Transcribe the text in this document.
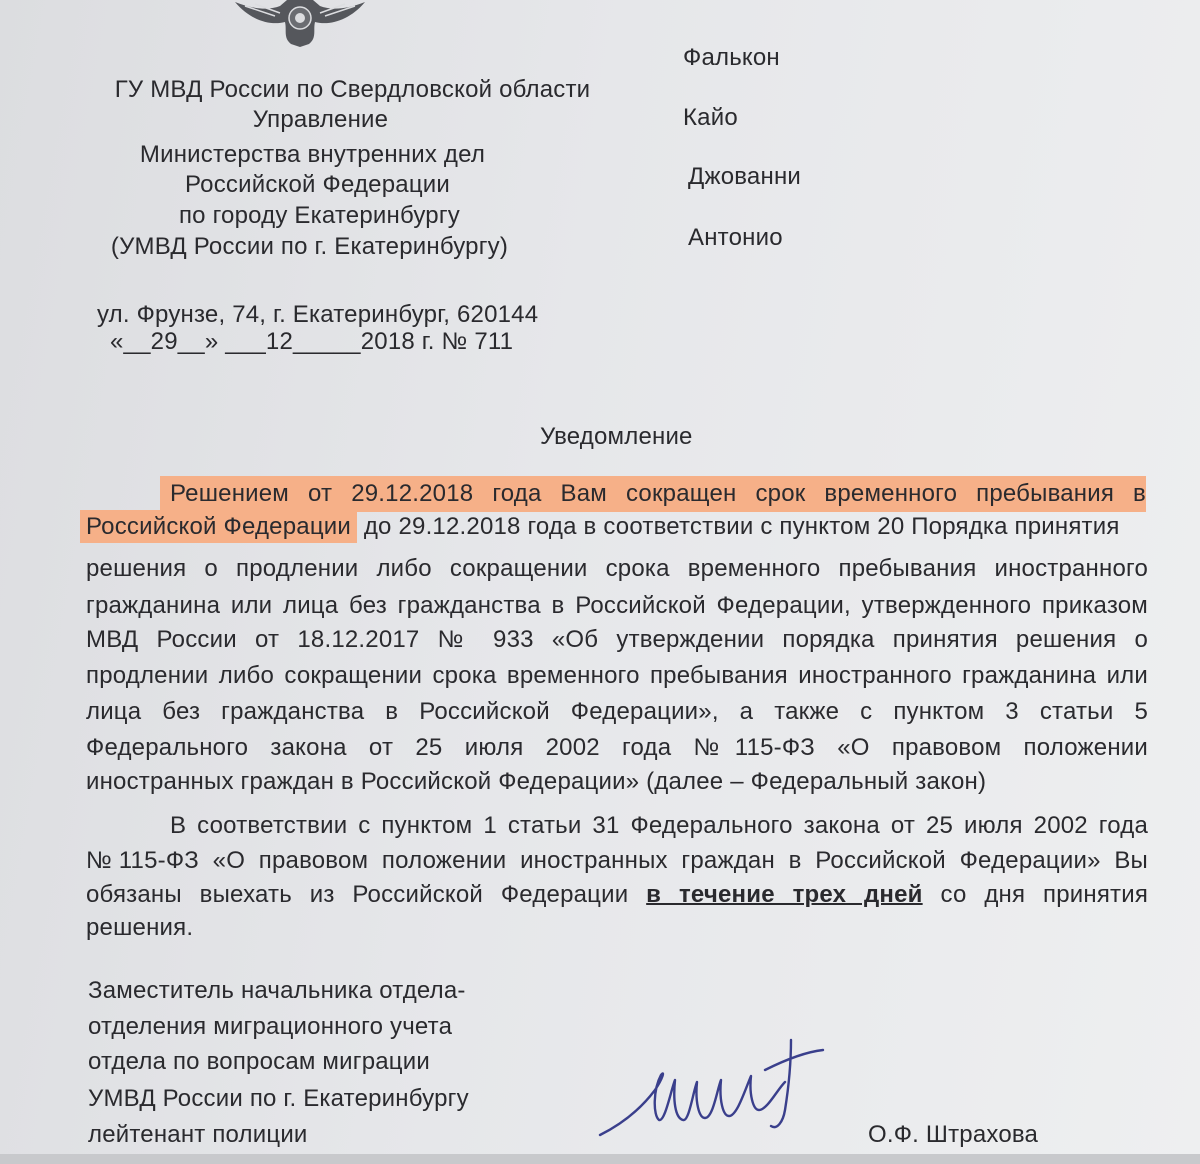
ГУ МВД России по Свердловской области
Управление
Министерства внутренних дел
Российской Федерации
по городу Екатеринбургу
(УМВД России по г. Екатеринбургу)
ул. Фрунзе, 74, г. Екатеринбург, 620144
«__29__» ___12_____2018 г. № 711
Фалькон
Кайо
Джованни
Антонио
Уведомление
Решением от 29.12.2018 года Вам сокращен срок временного пребывания в
Российской Федерации до 29.12.2018 года в соответствии с пунктом 20 Порядка принятия
решения о продлении либо сокращении срока временного пребывания иностранного
гражданина или лица без гражданства в Российской Федерации, утвержденного приказом
МВД России от 18.12.2017 № 933 «Об утверждении порядка принятия решения о
продлении либо сокращении срока временного пребывания иностранного гражданина или
лица без гражданства в Российской Федерации», а также с пунктом 3 статьи 5
Федерального закона от 25 июля 2002 года №115-ФЗ «О правовом положении
иностранных граждан в Российской Федерации» (далее – Федеральный закон)
В соответствии с пунктом 1 статьи 31 Федерального закона от 25 июля 2002 года
№115-ФЗ «О правовом положении иностранных граждан в Российской Федерации» Вы
обязаны выехать из Российской Федерации в течение трех дней со дня принятия
решения.
Заместитель начальника отдела-
отделения миграционного учета
отдела по вопросам миграции
УМВД России по г. Екатеринбургу
лейтенант полиции	О.Ф. Штрахова
